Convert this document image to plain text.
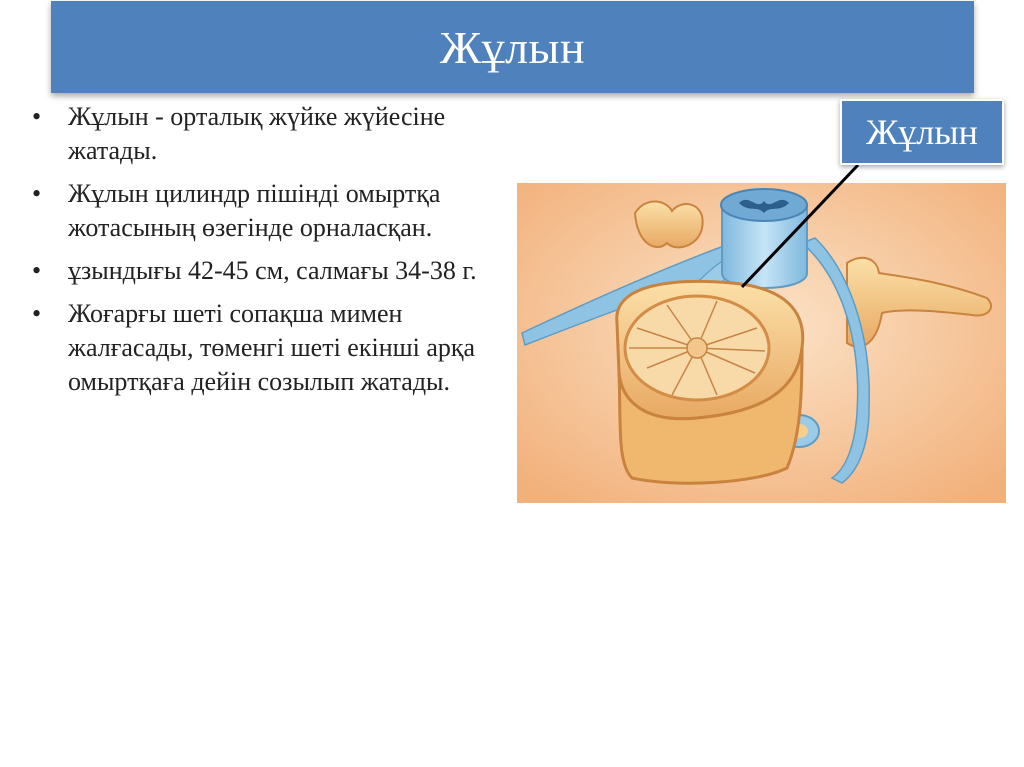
Жұлын
• Жұлын - орталық жүйке жүйесіне жатады.
• Жұлын цилиндр пішінді омыртқа жотасының өзегінде орналасқан.
• ұзындығы 42-45 см, салмағы 34-38 г.
• Жоғарғы шеті сопақша мимен жалғасады, төменгі шеті екінші арқа омыртқаға дейін созылып жатады.
Жұлын
